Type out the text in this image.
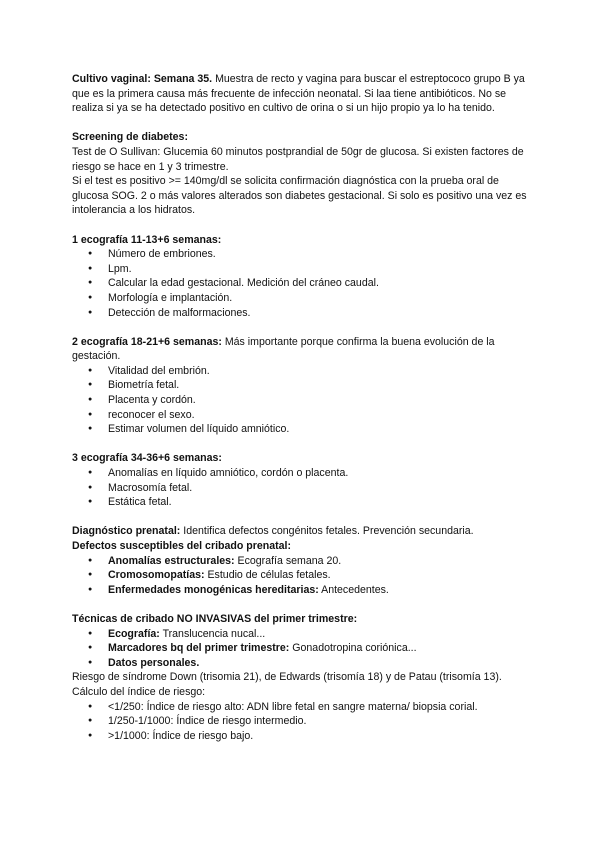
Cultivo vaginal: Semana 35. Muestra de recto y vagina para buscar el estreptococo grupo B ya que es la primera causa más frecuente de infección neonatal. Si laa tiene antibióticos. No se realiza si ya se ha detectado positivo en cultivo de orina o si un hijo propio ya lo ha tenido.

Screening de diabetes:

Test de O Sullivan: Glucemia 60 minutos postprandial de 50gr de glucosa. Si existen factores de riesgo se hace en 1 y 3 trimestre.

Si el test es positivo >= 140mg/dl se solicita confirmación diagnóstica con la prueba oral de glucosa SOG. 2 o más valores alterados son diabetes gestacional. Si solo es positivo una vez es intolerancia a los hidratos.

1 ecografía 11-13+6 semanas:

● Número de embriones.
● Lpm.
● Calcular la edad gestacional. Medición del cráneo caudal.
● Morfología e implantación.
● Detección de malformaciones.

2 ecografía 18-21+6 semanas: Más importante porque confirma la buena evolución de la gestación.

● Vitalidad del embrión.
● Biometría fetal.
● Placenta y cordón.
● reconocer el sexo.
● Estimar volumen del líquido amniótico.

3 ecografía 34-36+6 semanas:

● Anomalías en líquido amniótico, cordón o placenta.
● Macrosomía fetal.
● Estática fetal.

Diagnóstico prenatal: Identifica defectos congénitos fetales. Prevención secundaria.

Defectos susceptibles del cribado prenatal:

● Anomalías estructurales: Ecografía semana 20.
● Cromosomopatías: Estudio de células fetales.
● Enfermedades monogénicas hereditarias: Antecedentes.

Técnicas de cribado NO INVASIVAS del primer trimestre:

● Ecografía: Translucencia nucal...
● Marcadores bq del primer trimestre: Gonadotropina coriónica...
● Datos personales.

Riesgo de síndrome Down (trisomia 21), de Edwards (trisomía 18) y de Patau (trisomía 13).

Cálculo del índice de riesgo:

● <1/250: Índice de riesgo alto: ADN libre fetal en sangre materna/ biopsia corial.
● 1/250-1/1000: Índice de riesgo intermedio.
● >1/1000: Índice de riesgo bajo.
